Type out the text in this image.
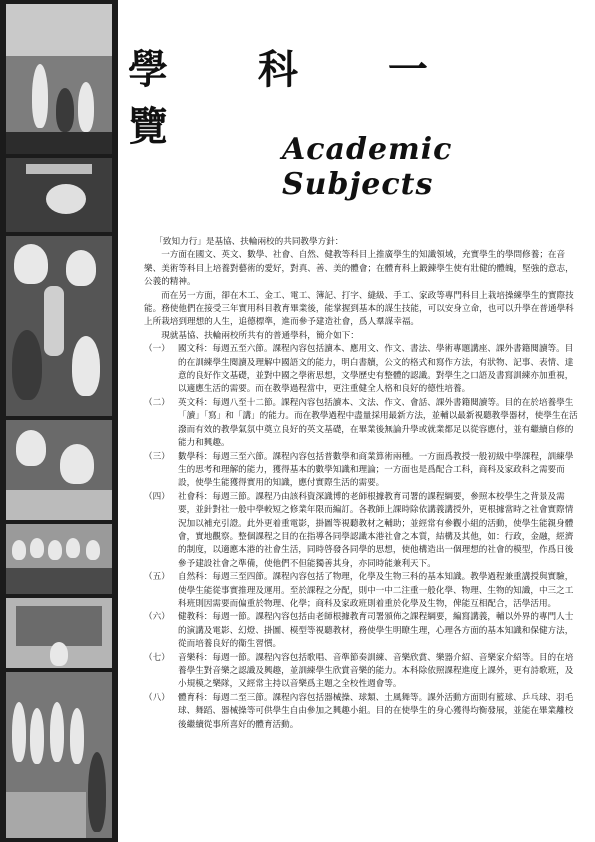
學 科 一 覽	Academic Subjects

「致知力行」是基協、扶輪兩校的共同教學方針：

一方面在國文、英文、數學、社會、自然、健教等科目上推廣學生的知識領域，充實學生的學問修養；在音樂、美術等科目上培養對藝術的愛好，對真、善、美的體會；在體育科上鍛鍊學生使有壯健的體魄，堅強的意志，公義的精神。

而在另一方面，卻在木工、金工、電工、簿記、打字、縫級、手工、家政等專門科目上栽培操練學生的實際技能。務使他們在接受三年實用科目教育畢業後，能掌握到基本的謀生技能，可以安身立命，也可以升學在普通學科上所栽培到理想的人生，追德標準，進而參予建造社會，爲人羣謀幸福。

現就基協、扶輪兩校所共有的普通學科，簡介如下：

（一） 國文科：每週五至六節。課程內容包括讀本、應用文、作文、書法、學術專題講座、課外書籍閱讀等。目的在訓練學生閱讀及理解中國語文的能力，明白書牘，公文的格式和寫作方法，有狀物、記事、表情、達意的良好作文基礎，並對中國之學術思想，文學歷史有整體的認識。對學生之口語及書寫訓練亦加重視，以適應生活的需要。而在教學過程當中，更注重健全人格和良好的德性培養。
（二） 英文科：每週八至十二節。課程內容包括讀本、文法、作文、會話、課外書籍閱讀等。目的在於培養學生「讀」「寫」和「講」的能力。而在教學過程中盡量採用最新方法，並輔以最新視聽教學器材，使學生在活潑而有效的教學氣氛中奠立良好的英文基礎，在畢業後無論升學或就業都足以從容應付，並有繼續自修的能力和興趣。
（三） 數學科：每週三至六節。課程內容包括普數學和商業算術兩種。一方面爲教授一般初級中學課程，訓練學生的思考和理解的能力，獲得基本的數學知識和理論；一方面也是爲配合工科，商科及家政科之需要而設，使學生能獲得實用的知識，應付實際生活的需要。
（四） 社會科：每週三節。課程乃由該科資深識博的老師根據教育司署的課程綱要，參照本校學生之背景及需要，並針對社一般中學較短之修業年限而編訂。各教師上課時除依講義講授外，更根據當時之社會實際情況加以補充引證。此外更着重電影，掛圖等視聽教材之輔助；並經常有參觀小組的活動，使學生能親身體會，實地觀察。整個課程之目的在指導各同學認識本港社會之本質，結構及其他，如：行政，金融，經濟的制度，以適應本港的社會生活，同時啓發各同學的思想，使他構造出一個理想的社會的模型，作爲日後參予建設社會之準備，使他們不但能獨善其身，亦同時能兼利天下。
（五） 自然科：每週三至四節。課程內容包括了物理，化學及生物三科的基本知識。教學過程兼重講授與實驗，使學生能從事實推理及運用。至於課程之分配，則中一中二注重一般化學、物理、生物的知識，中三之工科班則因需要而偏重於物理、化學；商科及家政班則着重於化學及生物，俾能互相配合，活學活用。
（六） 健教科：每週一節。課程內容包括由老師根據教育司署頒佈之課程綱要，編寫講義，輔以外界的專門人士的演講及電影、幻燈、掛圖、模型等視聽教材，務使學生明瞭生理，心理各方面的基本知識和保健方法，從而培養良好的衞生習慣。
（七） 音樂科：每週一節。課程內容包括歌唱、音準節奏訓練、音樂欣賞、樂器介紹、音樂家介紹等。目的在培養學生對音樂之認識及興趣，並訓練學生欣賞音樂的能力。本科除依照課程進度上課外，更有詩歌班，及小規模之樂隊，又經常主持以音樂爲主題之全校性週會等。
（八） 體育科：每週二至三節。課程內容包括器械操、球類、土風舞等。課外活動方面則有籃球、乒乓球、羽毛球、舞蹈、器械操等可供學生自由參加之興趣小組。目的在使學生的身心獲得均衡發展，並能在畢業離校後繼續從事所喜好的體育活動。
